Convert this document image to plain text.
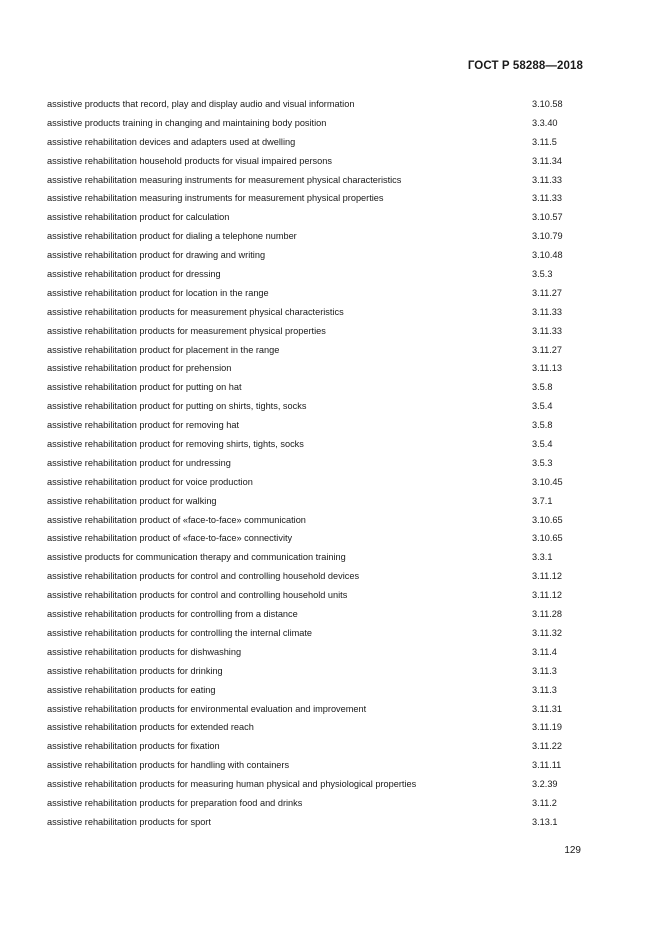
ГОСТ Р 58288—2018
assistive products that record, play and display audio and visual information	3.10.58
assistive products training in changing and maintaining body position	3.3.40
assistive rehabilitation devices and adapters used at dwelling	3.11.5
assistive rehabilitation household products for visual impaired persons	3.11.34
assistive rehabilitation measuring instruments for measurement physical characteristics	3.11.33
assistive rehabilitation measuring instruments for measurement physical properties	3.11.33
assistive rehabilitation product for calculation	3.10.57
assistive rehabilitation product for dialing a telephone number	3.10.79
assistive rehabilitation product for drawing and writing	3.10.48
assistive rehabilitation product for dressing	3.5.3
assistive rehabilitation product for location in the range	3.11.27
assistive rehabilitation products for measurement physical characteristics	3.11.33
assistive rehabilitation products for measurement physical properties	3.11.33
assistive rehabilitation product for placement in the range	3.11.27
assistive rehabilitation product for prehension	3.11.13
assistive rehabilitation product for putting on hat	3.5.8
assistive rehabilitation product for putting on shirts, tights, socks	3.5.4
assistive rehabilitation product for removing hat	3.5.8
assistive rehabilitation product for removing shirts, tights, socks	3.5.4
assistive rehabilitation product for undressing	3.5.3
assistive rehabilitation product for voice production	3.10.45
assistive rehabilitation product for walking	3.7.1
assistive rehabilitation product of «face-to-face» communication	3.10.65
assistive rehabilitation product of «face-to-face» connectivity	3.10.65
assistive products for communication therapy and communication training	3.3.1
assistive rehabilitation products for control and controlling household devices	3.11.12
assistive rehabilitation products for control and controlling household units	3.11.12
assistive rehabilitation products for controlling from a distance	3.11.28
assistive rehabilitation products for controlling the internal climate	3.11.32
assistive rehabilitation products for dishwashing	3.11.4
assistive rehabilitation products for drinking	3.11.3
assistive rehabilitation products for eating	3.11.3
assistive rehabilitation products for environmental evaluation and improvement	3.11.31
assistive rehabilitation products for extended reach	3.11.19
assistive rehabilitation products for fixation	3.11.22
assistive rehabilitation products for handling with containers	3.11.11
assistive rehabilitation products for measuring human physical and physiological properties	3.2.39
assistive rehabilitation products for preparation food and drinks	3.11.2
assistive rehabilitation products for sport	3.13.1
129
